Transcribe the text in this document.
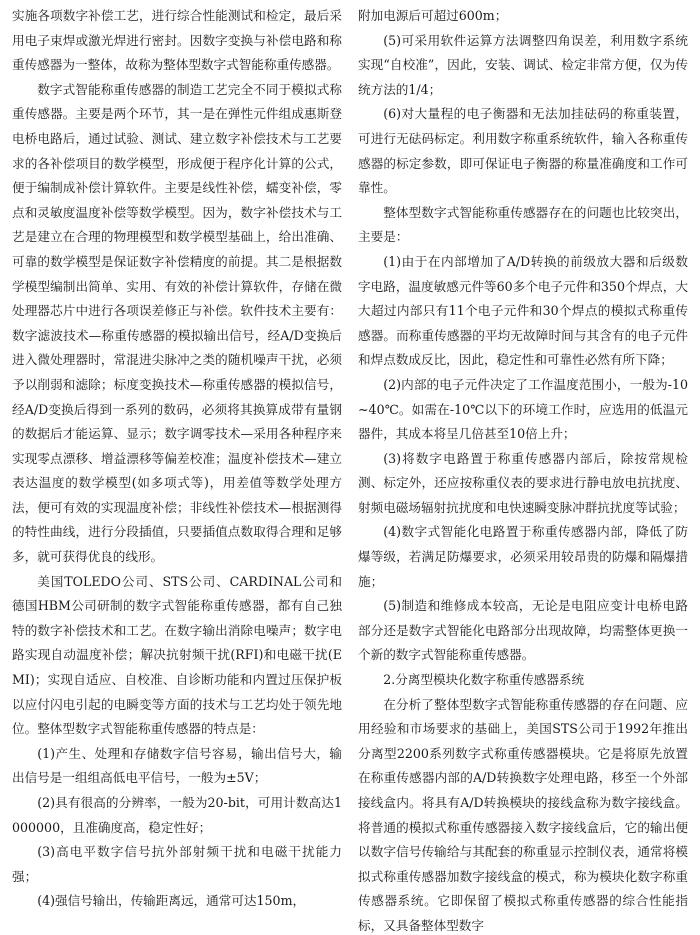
实施各项数字补偿工艺，进行综合性能测试和检定，最后采用电子束焊或激光焊进行密封。因数字变换与补偿电路和称重传感器为一整体，故称为整体型数字式智能称重传感器。

数字式智能称重传感器的制造工艺完全不同于模拟式称重传感器。主要是两个环节，其一是在弹性元件组成惠斯登电桥电路后，通过试验、测试、建立数字补偿技术与工艺要求的各补偿项目的数学模型，形成便于程序化计算的公式，便于编制成补偿计算软件。主要是线性补偿，蠕变补偿，零点和灵敏度温度补偿等数学模型。因为，数字补偿技术与工艺是建立在合理的物理模型和数学模型基础上，给出准确、可靠的数学模型是保证数字补偿精度的前提。其二是根据数学模型编制出简单、实用、有效的补偿计算软件，存储在微处理器芯片中进行各项误差修正与补偿。软件技术主要有：数字滤波技术—称重传感器的模拟输出信号，经A/D变换后进入微处理器时，常混进尖脉冲之类的随机噪声干扰，必须予以削弱和滤除；标度变换技术—称重传感器的模拟信号，经A/D变换后得到一系列的数码，必须将其换算成带有量钢的数据后才能运算、显示；数字调零技术—采用各种程序来实现零点漂移、增益漂移等偏差校准；温度补偿技术—建立表达温度的数学模型(如多项式等)，用差值等数学处理方法，便可有效的实现温度补偿；非线性补偿技术—根据测得的特性曲线，进行分段插值，只要插值点数取得合理和足够多，就可获得优良的线形。

美国TOLEDO公司、STS公司、CARDINAL公司和德国HBM公司研制的数字式智能称重传感器，都有自己独特的数字补偿技术和工艺。在数字输出消除电噪声；数字电路实现自动温度补偿；解决抗射频干扰(RFI)和电磁干扰(EMI)；实现自适应、自校准、自诊断功能和内置过压保护板以应付闪电引起的电瞬变等方面的技术与工艺均处于领先地位。整体型数字式智能称重传感器的特点是：

(1)产生、处理和存储数字信号容易，输出信号大，输出信号是一组组高低电平信号，一般为±5V；

(2)具有很高的分辨率，一般为20-bit，可用计数高达1000000，且准确度高，稳定性好；

(3)高电平数字信号抗外部射频干扰和电磁干扰能力强；

(4)强信号输出，传输距离远，通常可达150m，

附加电源后可超过600m；

(5)可采用软件运算方法调整四角误差，利用数字系统实现“自校准”，因此，安装、调试、检定非常方便，仅为传统方法的1/4；

(6)对大量程的电子衡器和无法加挂砝码的称重装置，可进行无砝码标定。利用数字称重系统软件，输入各称重传感器的标定参数，即可保证电子衡器的称量准确度和工作可靠性。

整体型数字式智能称重传感器存在的问题也比较突出，主要是：

(1)由于在内部增加了A/D转换的前级放大器和后级数字电路，温度敏感元件等60多个电子元件和350个焊点，大大超过内部只有11个电子元件和30个焊点的模拟式称重传感器。而称重传感器的平均无故障时间与其含有的电子元件和焊点数成反比，因此，稳定性和可靠性必然有所下降；

(2)内部的电子元件决定了工作温度范围小，一般为-10~40℃。如需在-10℃以下的环境工作时，应选用的低温元器件，其成本将呈几倍甚至10倍上升；

(3)将数字电路置于称重传感器内部后，除按常规检测、标定外，还应按称重仪表的要求进行静电放电抗扰度、射频电磁场辐射抗扰度和电快速瞬变脉冲群抗扰度等试验；

(4)数字式智能化电路置于称重传感器内部，降低了防爆等级，若满足防爆要求，必须采用较昂贵的防爆和隔爆措施；

(5)制造和维修成本较高，无论是电阻应变计电桥电路部分还是数字式智能化电路部分出现故障，均需整体更换一个新的数字式智能称重传感器。

2.分离型模块化数字称重传感器系统

在分析了整体型数字式智能称重传感器的存在问题、应用经验和市场要求的基础上，美国STS公司于1992年推出分离型2200系列数字式称重传感器模块。它是将原先放置在称重传感器内部的A/D转换数字处理电路，移至一个外部接线盒内。将具有A/D转换模块的接线盒称为数字接线盒。将普通的模拟式称重传感器接入数字接线盒后，它的输出便以数字信号传输给与其配套的称重显示控制仪表，通常将模拟式称重传感器加数字接线盒的模式，称为模块化数字称重传感器系统。它即保留了模拟式称重传感器的综合性能指标，又具备整体型数字
